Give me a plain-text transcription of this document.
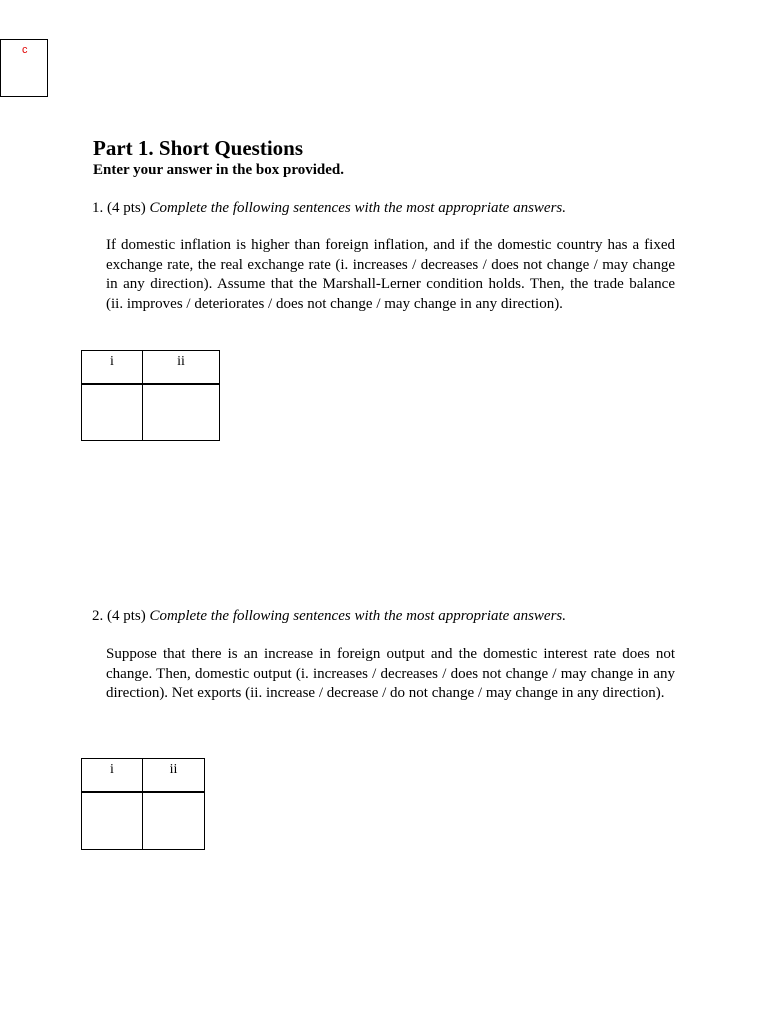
c
Part 1. Short Questions
Enter your answer in the box provided.
1. (4 pts) Complete the following sentences with the most appropriate answers.
If domestic inflation is higher than foreign inflation, and if the domestic country has a fixed exchange rate, the real exchange rate (i. increases / decreases / does not change / may change in any direction). Assume that the Marshall-Lerner condition holds. Then, the trade balance (ii. improves / deteriorates / does not change / may change in any direction).
i	ii

2. (4 pts) Complete the following sentences with the most appropriate answers.
Suppose that there is an increase in foreign output and the domestic interest rate does not change. Then, domestic output (i. increases / decreases / does not change / may change in any direction). Net exports (ii. increase / decrease / do not change / may change in any direction).
i	ii
